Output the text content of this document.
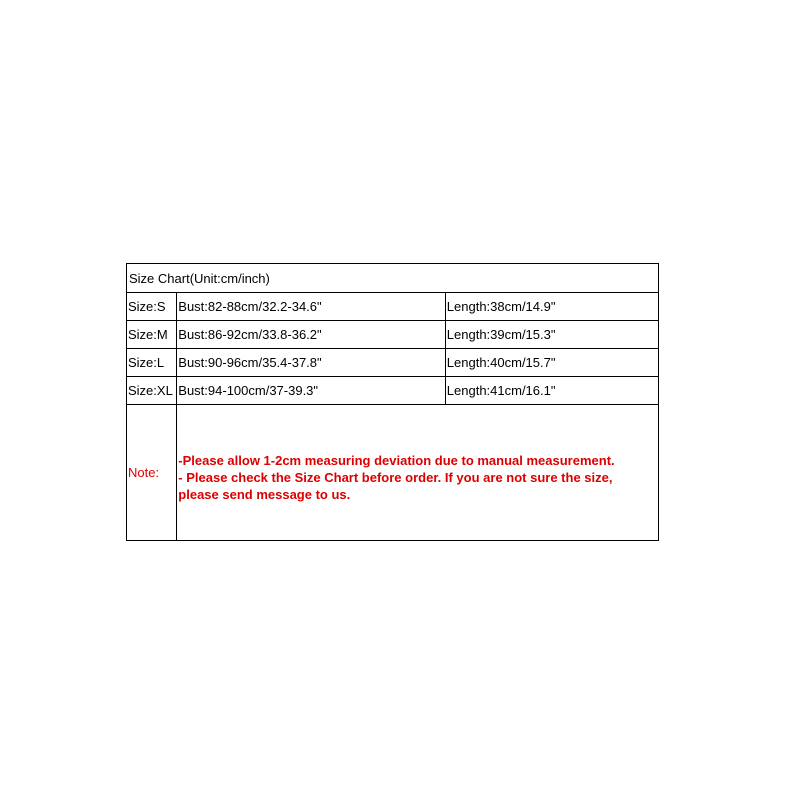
Size Chart(Unit:cm/inch)		
Size:S	Bust:82-88cm/32.2-34.6"	Length:38cm/14.9"
Size:M	Bust:86-92cm/33.8-36.2"	Length:39cm/15.3"
Size:L	Bust:90-96cm/35.4-37.8"	Length:40cm/15.7"
Size:XL	Bust:94-100cm/37-39.3"	Length:41cm/16.1"
Note:	-Please allow 1-2cm measuring deviation due to manual measurement.
- Please check the Size Chart before order. If you are not sure the size,
please send message to us.	
